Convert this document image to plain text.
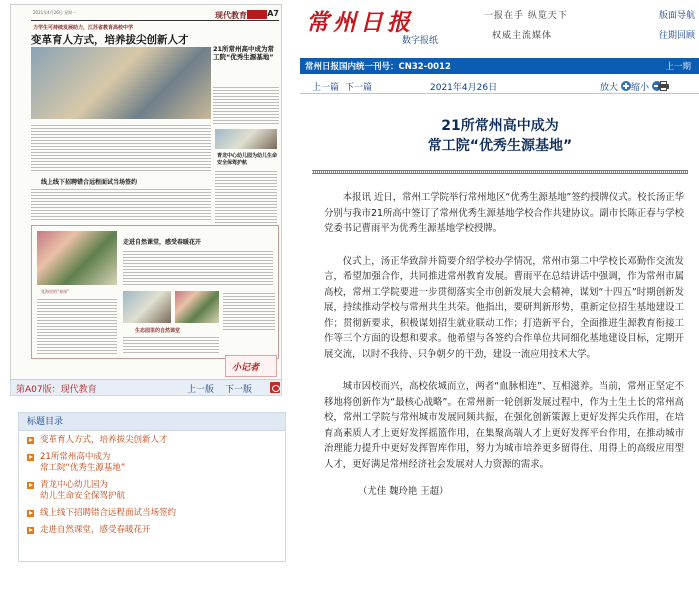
2021年4月26日 星期一	现代教育	A7
力学生可持续发展助力，江苏省教育高校中学
变革育人方式，培养拔尖创新人才
21所常州高中成为常工院“优秀生源基地”
线上线下招聘错合远程面试当场签约
青龙中心幼儿园为幼儿生命安全保驾护航
走进自然课堂，感受春暖花开
花海里的“春探”
生态园里的自然课堂
小记者
第A07版：现代教育	上一版 下一版
标题目录
变革育人方式，培养拔尖创新人才
21所常州高中成为
常工院“优秀生源基地”
青龙中心幼儿园为
幼儿生命安全保驾护航
线上线下招聘错合远程面试当场签约
走进自然课堂，感受春暖花开
常州日报
数字报纸
一报在手 纵览天下
权威主流媒体
版面导航
往期回顾
常州日报国内统一刊号：CN32-0012	上一期
上一篇 下一篇	2021年4月26日	放大	缩小
21所常州高中成为
常工院“优秀生源基地”

本报讯 近日，常州工学院举行常州地区“优秀生源基地”签约授牌仪式。校长汤正华分别与我市21所高中签订了常州优秀生源基地学校合作共建协议。副市长陈正春与学校党委书记曹雨平为优秀生源基地学校授牌。

仪式上，汤正华致辞并简要介绍学校办学情况，常州市第二中学校长邓勤作交流发言，希望加强合作，共同推进常州教育发展。曹雨平在总结讲话中强调，作为常州市属高校，常州工学院要进一步贯彻落实全市创新发展大会精神，谋划“十四五”时期创新发展，持续推动学校与常州共生共荣。他指出，要研判新形势，重新定位招生基地建设工作；贯彻新要求，积极谋划招生就业联动工作；打造新平台，全面推进生源教育衔接工作等三个方面的设想和要求。他希望与各签约合作单位共同细化基地建设目标，定期开展交流，以时不我待、只争朝夕的干劲，建设一流应用技术大学。

城市因校而兴，高校依城而立，两者“血脉相连”、互相滋养。当前，常州正坚定不移地将创新作为“最核心战略”。在常州新一轮创新发展过程中，作为土生土长的常州高校，常州工学院与常州城市发展同频共振，在强化创新策源上更好发挥尖兵作用，在培育高素质人才上更好发挥摇篮作用，在集聚高端人才上更好发挥平台作用，在推动城市治理能力提升中更好发挥智库作用，努力为城市培养更多留得住、用得上的高级应用型人才，更好满足常州经济社会发展对人力资源的需求。

（尤佳 魏玲艳 王超）
